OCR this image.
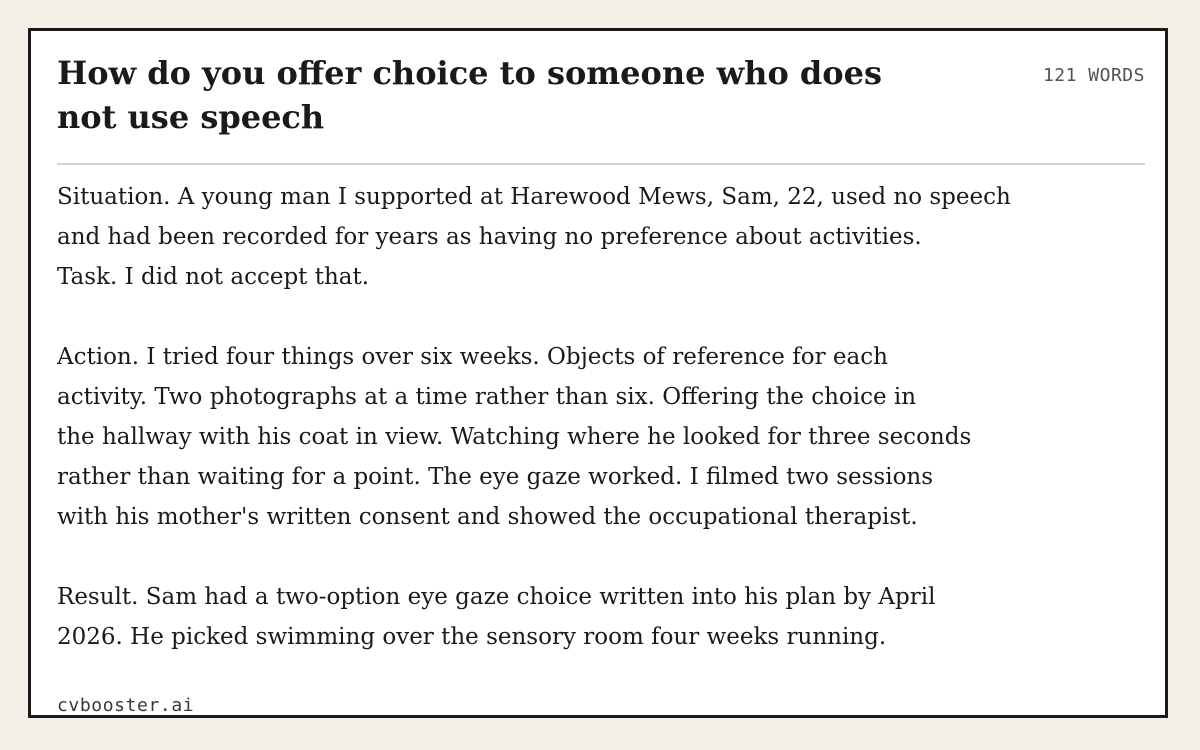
How do you offer choice to someone who does not use speech
121 WORDS

Situation. A young man I supported at Harewood Mews, Sam, 22, used no speech
and had been recorded for years as having no preference about activities.
Task. I did not accept that.

Action. I tried four things over six weeks. Objects of reference for each
activity. Two photographs at a time rather than six. Offering the choice in
the hallway with his coat in view. Watching where he looked for three seconds
rather than waiting for a point. The eye gaze worked. I filmed two sessions
with his mother's written consent and showed the occupational therapist.

Result. Sam had a two-option eye gaze choice written into his plan by April
2026. He picked swimming over the sensory room four weeks running.

cvbooster.ai
